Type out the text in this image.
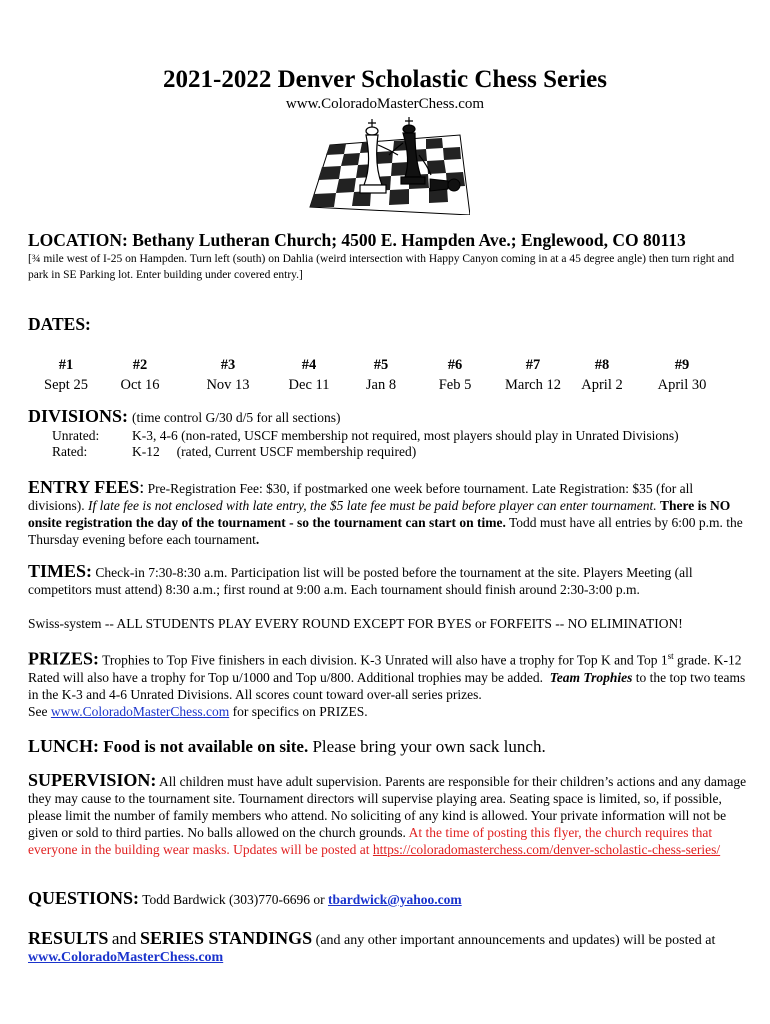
2021-2022 Denver Scholastic Chess Series
www.ColoradoMasterChess.com
LOCATION: Bethany Lutheran Church; 4500 E. Hampden Ave.; Englewood, CO 80113
[¾ mile west of I-25 on Hampden. Turn left (south) on Dahlia (weird intersection with Happy Canyon coming in at a 45 degree angle) then turn right and park in SE Parking lot. Enter building under covered entry.]
DATES:
#1
Sept 25
#2
Oct 16
#3
Nov 13
#4
Dec 11
#5
Jan 8
#6
Feb 5
#7
March 12
#8
April 2
#9
April 30
DIVISIONS: (time control G/30 d/5 for all sections)
Unrated: K-3, 4-6 (non-rated, USCF membership not required, most players should play in Unrated Divisions)
Rated:	K-12     (rated, Current USCF membership required)
ENTRY FEES: Pre-Registration Fee: $30, if postmarked one week before tournament. Late Registration: $35 (for all divisions). If late fee is not enclosed with late entry, the $5 late fee must be paid before player can enter tournament. There is NO onsite registration the day of the tournament - so the tournament can start on time. Todd must have all entries by 6:00 p.m. the Thursday evening before each tournament.
TIMES: Check-in 7:30-8:30 a.m. Participation list will be posted before the tournament at the site. Players Meeting (all competitors must attend) 8:30 a.m.; first round at 9:00 a.m. Each tournament should finish around 2:30-3:00 p.m.
Swiss-system -- ALL STUDENTS PLAY EVERY ROUND EXCEPT FOR BYES or FORFEITS -- NO ELIMINATION!
PRIZES: Trophies to Top Five finishers in each division. K-3 Unrated will also have a trophy for Top K and Top 1st grade. K-12 Rated will also have a trophy for Top u/1000 and Top u/800. Additional trophies may be added. Team Trophies to the top two teams in the K-3 and 4-6 Unrated Divisions. All scores count toward over-all series prizes.
See www.ColoradoMasterChess.com for specifics on PRIZES.
LUNCH: Food is not available on site. Please bring your own sack lunch.
SUPERVISION: All children must have adult supervision. Parents are responsible for their children’s actions and any damage they may cause to the tournament site. Tournament directors will supervise playing area. Seating space is limited, so, if possible, please limit the number of family members who attend. No soliciting of any kind is allowed. Your private information will not be given or sold to third parties. No balls allowed on the church grounds. At the time of posting this flyer, the church requires that everyone in the building wear masks. Updates will be posted at https://coloradomasterchess.com/denver-scholastic-chess-series/
QUESTIONS: Todd Bardwick (303)770-6696 or tbardwick@yahoo.com
RESULTS and SERIES STANDINGS (and any other important announcements and updates) will be posted at www.ColoradoMasterChess.com
